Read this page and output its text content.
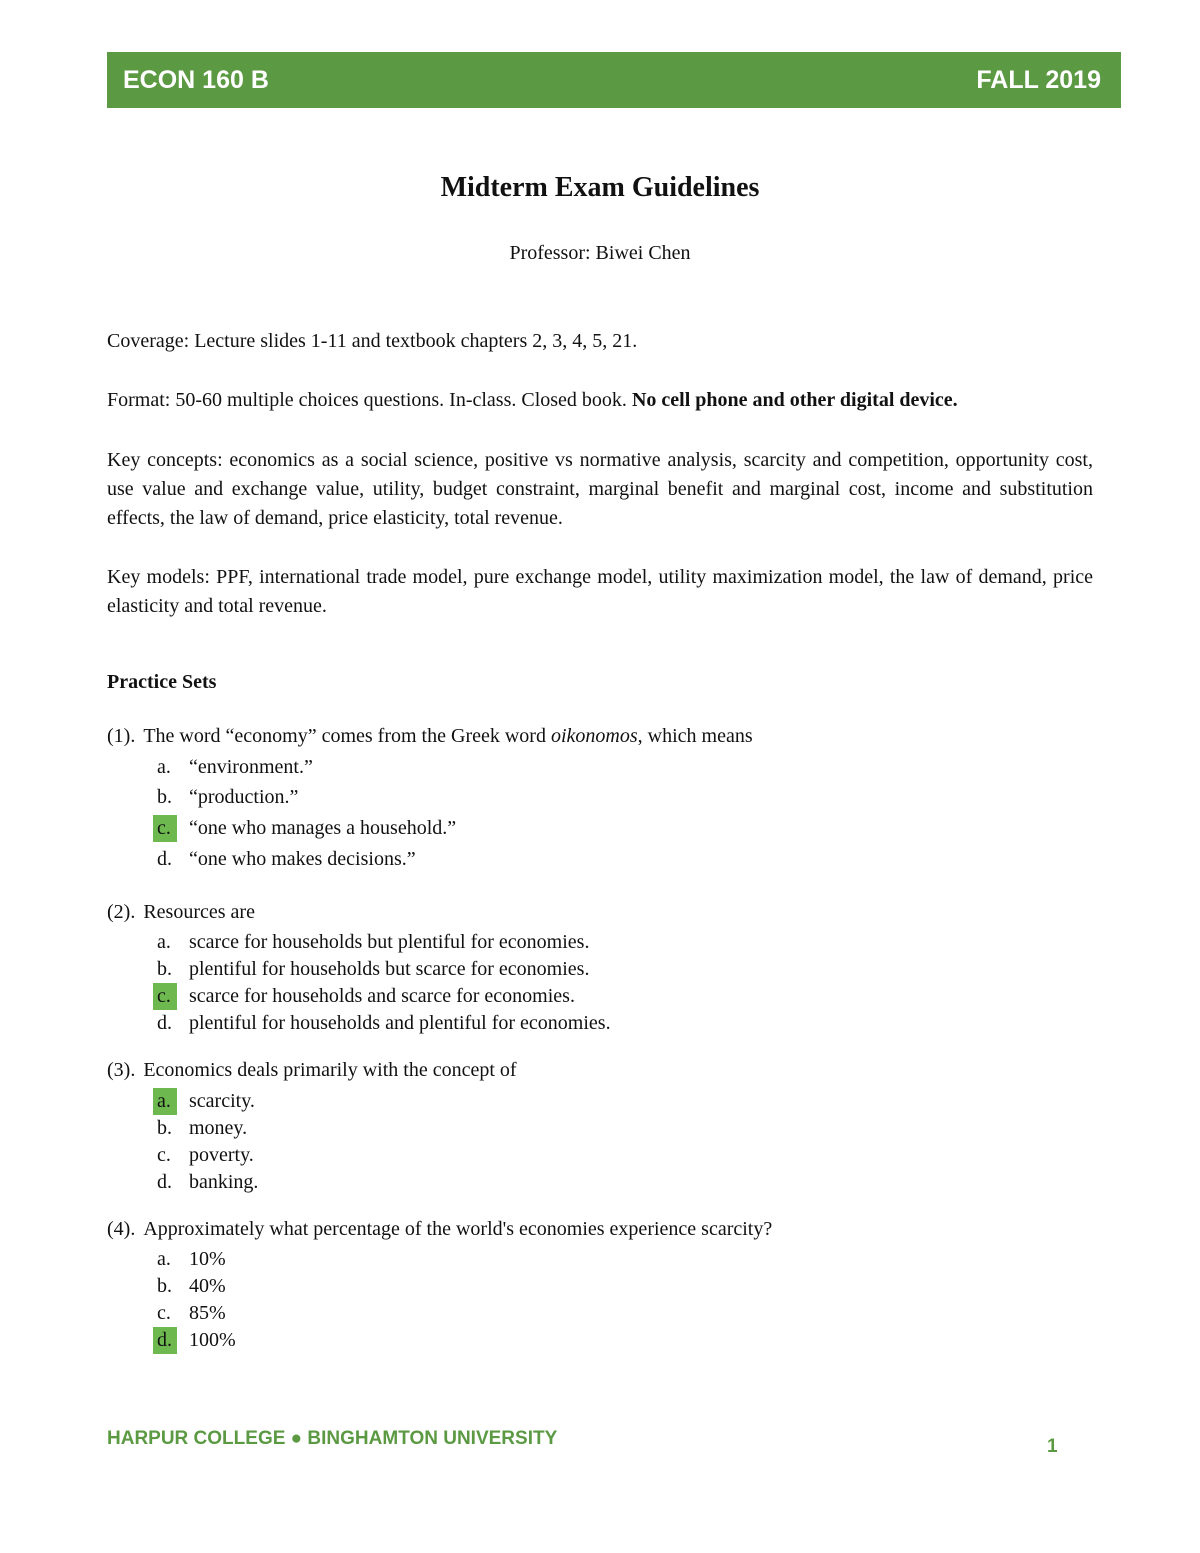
ECON 160 B	FALL 2019
Midterm Exam Guidelines
Professor: Biwei Chen
Coverage: Lecture slides 1-11 and textbook chapters 2, 3, 4, 5, 21.
Format: 50-60 multiple choices questions. In-class. Closed book. No cell phone and other digital device.
Key concepts: economics as a social science, positive vs normative analysis, scarcity and competition, opportunity cost, use value and exchange value, utility, budget constraint, marginal benefit and marginal cost, income and substitution effects, the law of demand, price elasticity, total revenue.
Key models: PPF, international trade model, pure exchange model, utility maximization model, the law of demand, price elasticity and total revenue.
Practice Sets
(1). The word “economy” comes from the Greek word oikonomos, which means
a. “environment.”
b. “production.”
c. “one who manages a household.”
d. “one who makes decisions.”
(2). Resources are
a. scarce for households but plentiful for economies.
b. plentiful for households but scarce for economies.
c. scarce for households and scarce for economies.
d. plentiful for households and plentiful for economies.
(3). Economics deals primarily with the concept of
a. scarcity.
b. money.
c. poverty.
d. banking.
(4). Approximately what percentage of the world's economies experience scarcity?
a. 10%
b. 40%
c. 85%
d. 100%
HARPUR COLLEGE ● BINGHAMTON UNIVERSITY	1
